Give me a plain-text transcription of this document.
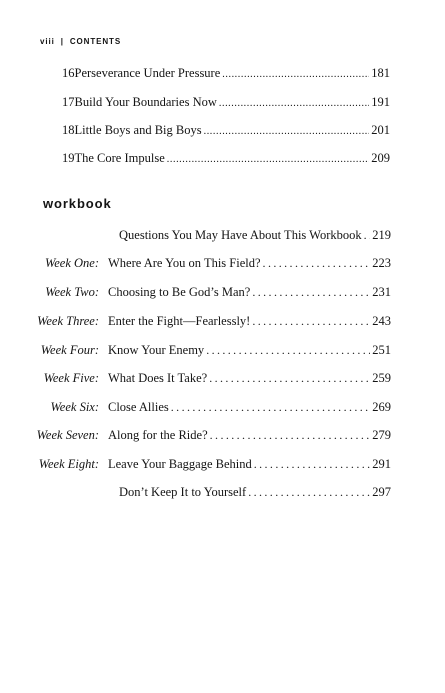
viii | CONTENTS
16 Perseverance Under Pressure .....	181
17 Build Your Boundaries Now .....	191
18 Little Boys and Big Boys .....	201
19 The Core Impulse .....	209
workbook
Questions You May Have About This Workbook ..... 219
Week One: Where Are You on This Field? .....	223
Week Two: Choosing to Be God’s Man? .....	231
Week Three: Enter the Fight—Fearlessly! .....	243
Week Four: Know Your Enemy .....	251
Week Five: What Does It Take? .....	259
Week Six: Close Allies .....	269
Week Seven: Along for the Ride? .....	279
Week Eight: Leave Your Baggage Behind .....	291
Don’t Keep It to Yourself .....	297
